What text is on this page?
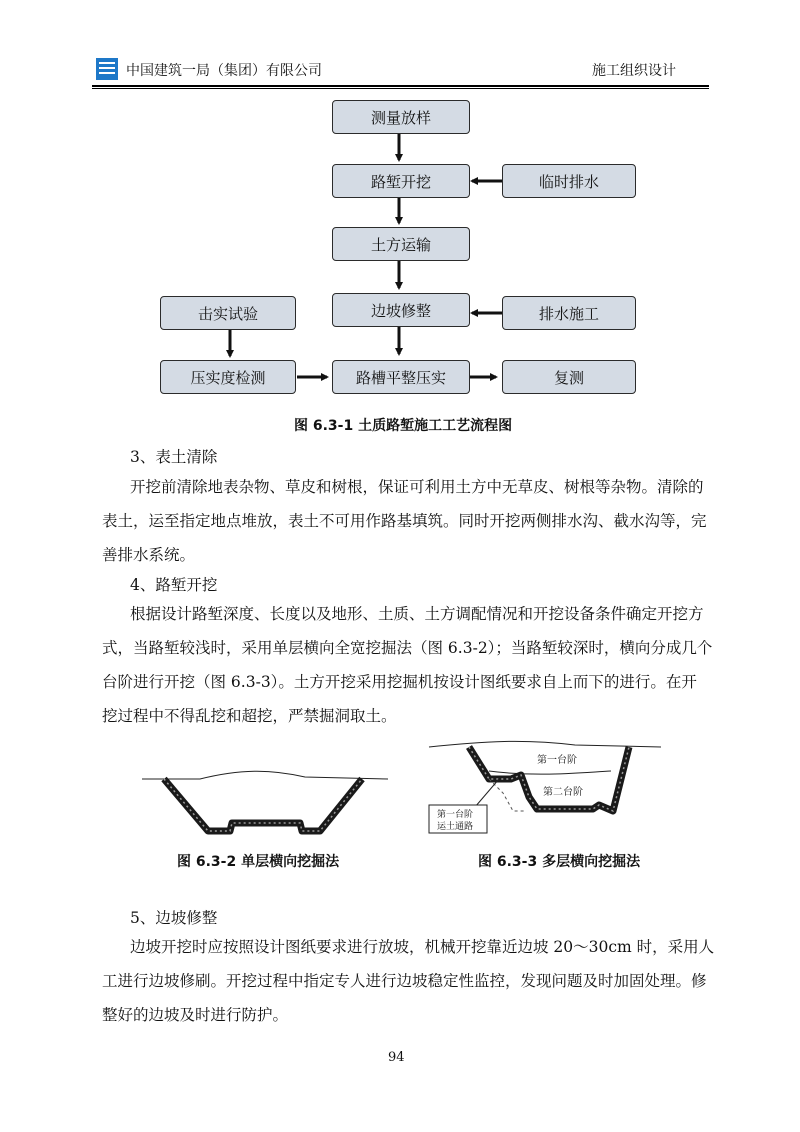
中国建筑一局（集团）有限公司	施工组织设计
测量放样
路堑开挖	临时排水
土方运输
击实试验	边坡修整	排水施工
压实度检测	路槽平整压实	复测
图 6.3-1 土质路堑施工工艺流程图
3、表土清除
开挖前清除地表杂物、草皮和树根，保证可利用土方中无草皮、树根等杂物。清除的
表土，运至指定地点堆放，表土不可用作路基填筑。同时开挖两侧排水沟、截水沟等，完
善排水系统。
4、路堑开挖
根据设计路堑深度、长度以及地形、土质、土方调配情况和开挖设备条件确定开挖方
式，当路堑较浅时，采用单层横向全宽挖掘法（图 6.3-2）；当路堑较深时，横向分成几个
台阶进行开挖（图 6.3-3）。土方开挖采用挖掘机按设计图纸要求自上而下的进行。在开
挖过程中不得乱挖和超挖，严禁掘洞取土。
图 6.3-2 单层横向挖掘法
第一台阶
第二台阶
第一台阶
运土通路
图 6.3-3 多层横向挖掘法
5、边坡修整
边坡开挖时应按照设计图纸要求进行放坡，机械开挖靠近边坡 20～30cm 时，采用人
工进行边坡修刷。开挖过程中指定专人进行边坡稳定性监控，发现问题及时加固处理。修
整好的边坡及时进行防护。
94
